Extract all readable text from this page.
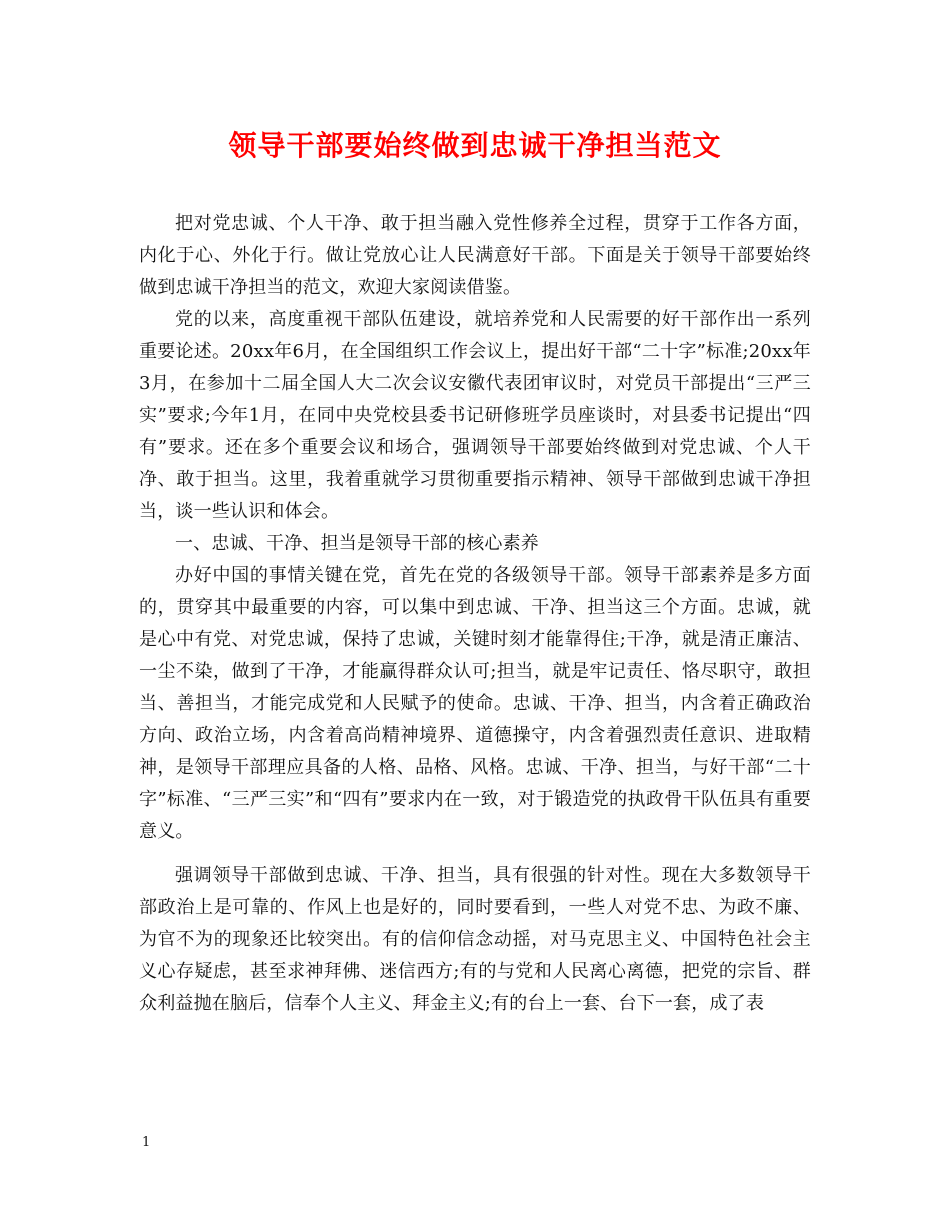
领导干部要始终做到忠诚干净担当范文

把对党忠诚、个人干净、敢于担当融入党性修养全过程，贯穿于工作各方面，内化于心、外化于行。做让党放心让人民满意好干部。下面是关于领导干部要始终做到忠诚干净担当的范文，欢迎大家阅读借鉴。

党的以来，高度重视干部队伍建设，就培养党和人民需要的好干部作出一系列重要论述。20xx年6月，在全国组织工作会议上，提出好干部“二十字”标准;20xx年3月，在参加十二届全国人大二次会议安徽代表团审议时，对党员干部提出“三严三实”要求;今年1月，在同中央党校县委书记研修班学员座谈时，对县委书记提出“四有”要求。还在多个重要会议和场合，强调领导干部要始终做到对党忠诚、个人干净、敢于担当。这里，我着重就学习贯彻重要指示精神、领导干部做到忠诚干净担当，谈一些认识和体会。

一、忠诚、干净、担当是领导干部的核心素养

办好中国的事情关键在党，首先在党的各级领导干部。领导干部素养是多方面的，贯穿其中最重要的内容，可以集中到忠诚、干净、担当这三个方面。忠诚，就是心中有党、对党忠诚，保持了忠诚，关键时刻才能靠得住;干净，就是清正廉洁、一尘不染，做到了干净，才能赢得群众认可;担当，就是牢记责任、恪尽职守，敢担当、善担当，才能完成党和人民赋予的使命。忠诚、干净、担当，内含着正确政治方向、政治立场，内含着高尚精神境界、道德操守，内含着强烈责任意识、进取精神，是领导干部理应具备的人格、品格、风格。忠诚、干净、担当，与好干部“二十字”标准、“三严三实”和“四有”要求内在一致，对于锻造党的执政骨干队伍具有重要意义。

强调领导干部做到忠诚、干净、担当，具有很强的针对性。现在大多数领导干部政治上是可靠的、作风上也是好的，同时要看到，一些人对党不忠、为政不廉、为官不为的现象还比较突出。有的信仰信念动摇，对马克思主义、中国特色社会主义心存疑虑，甚至求神拜佛、迷信西方;有的与党和人民离心离德，把党的宗旨、群众利益抛在脑后，信奉个人主义、拜金主义;有的台上一套、台下一套，成了表

1
